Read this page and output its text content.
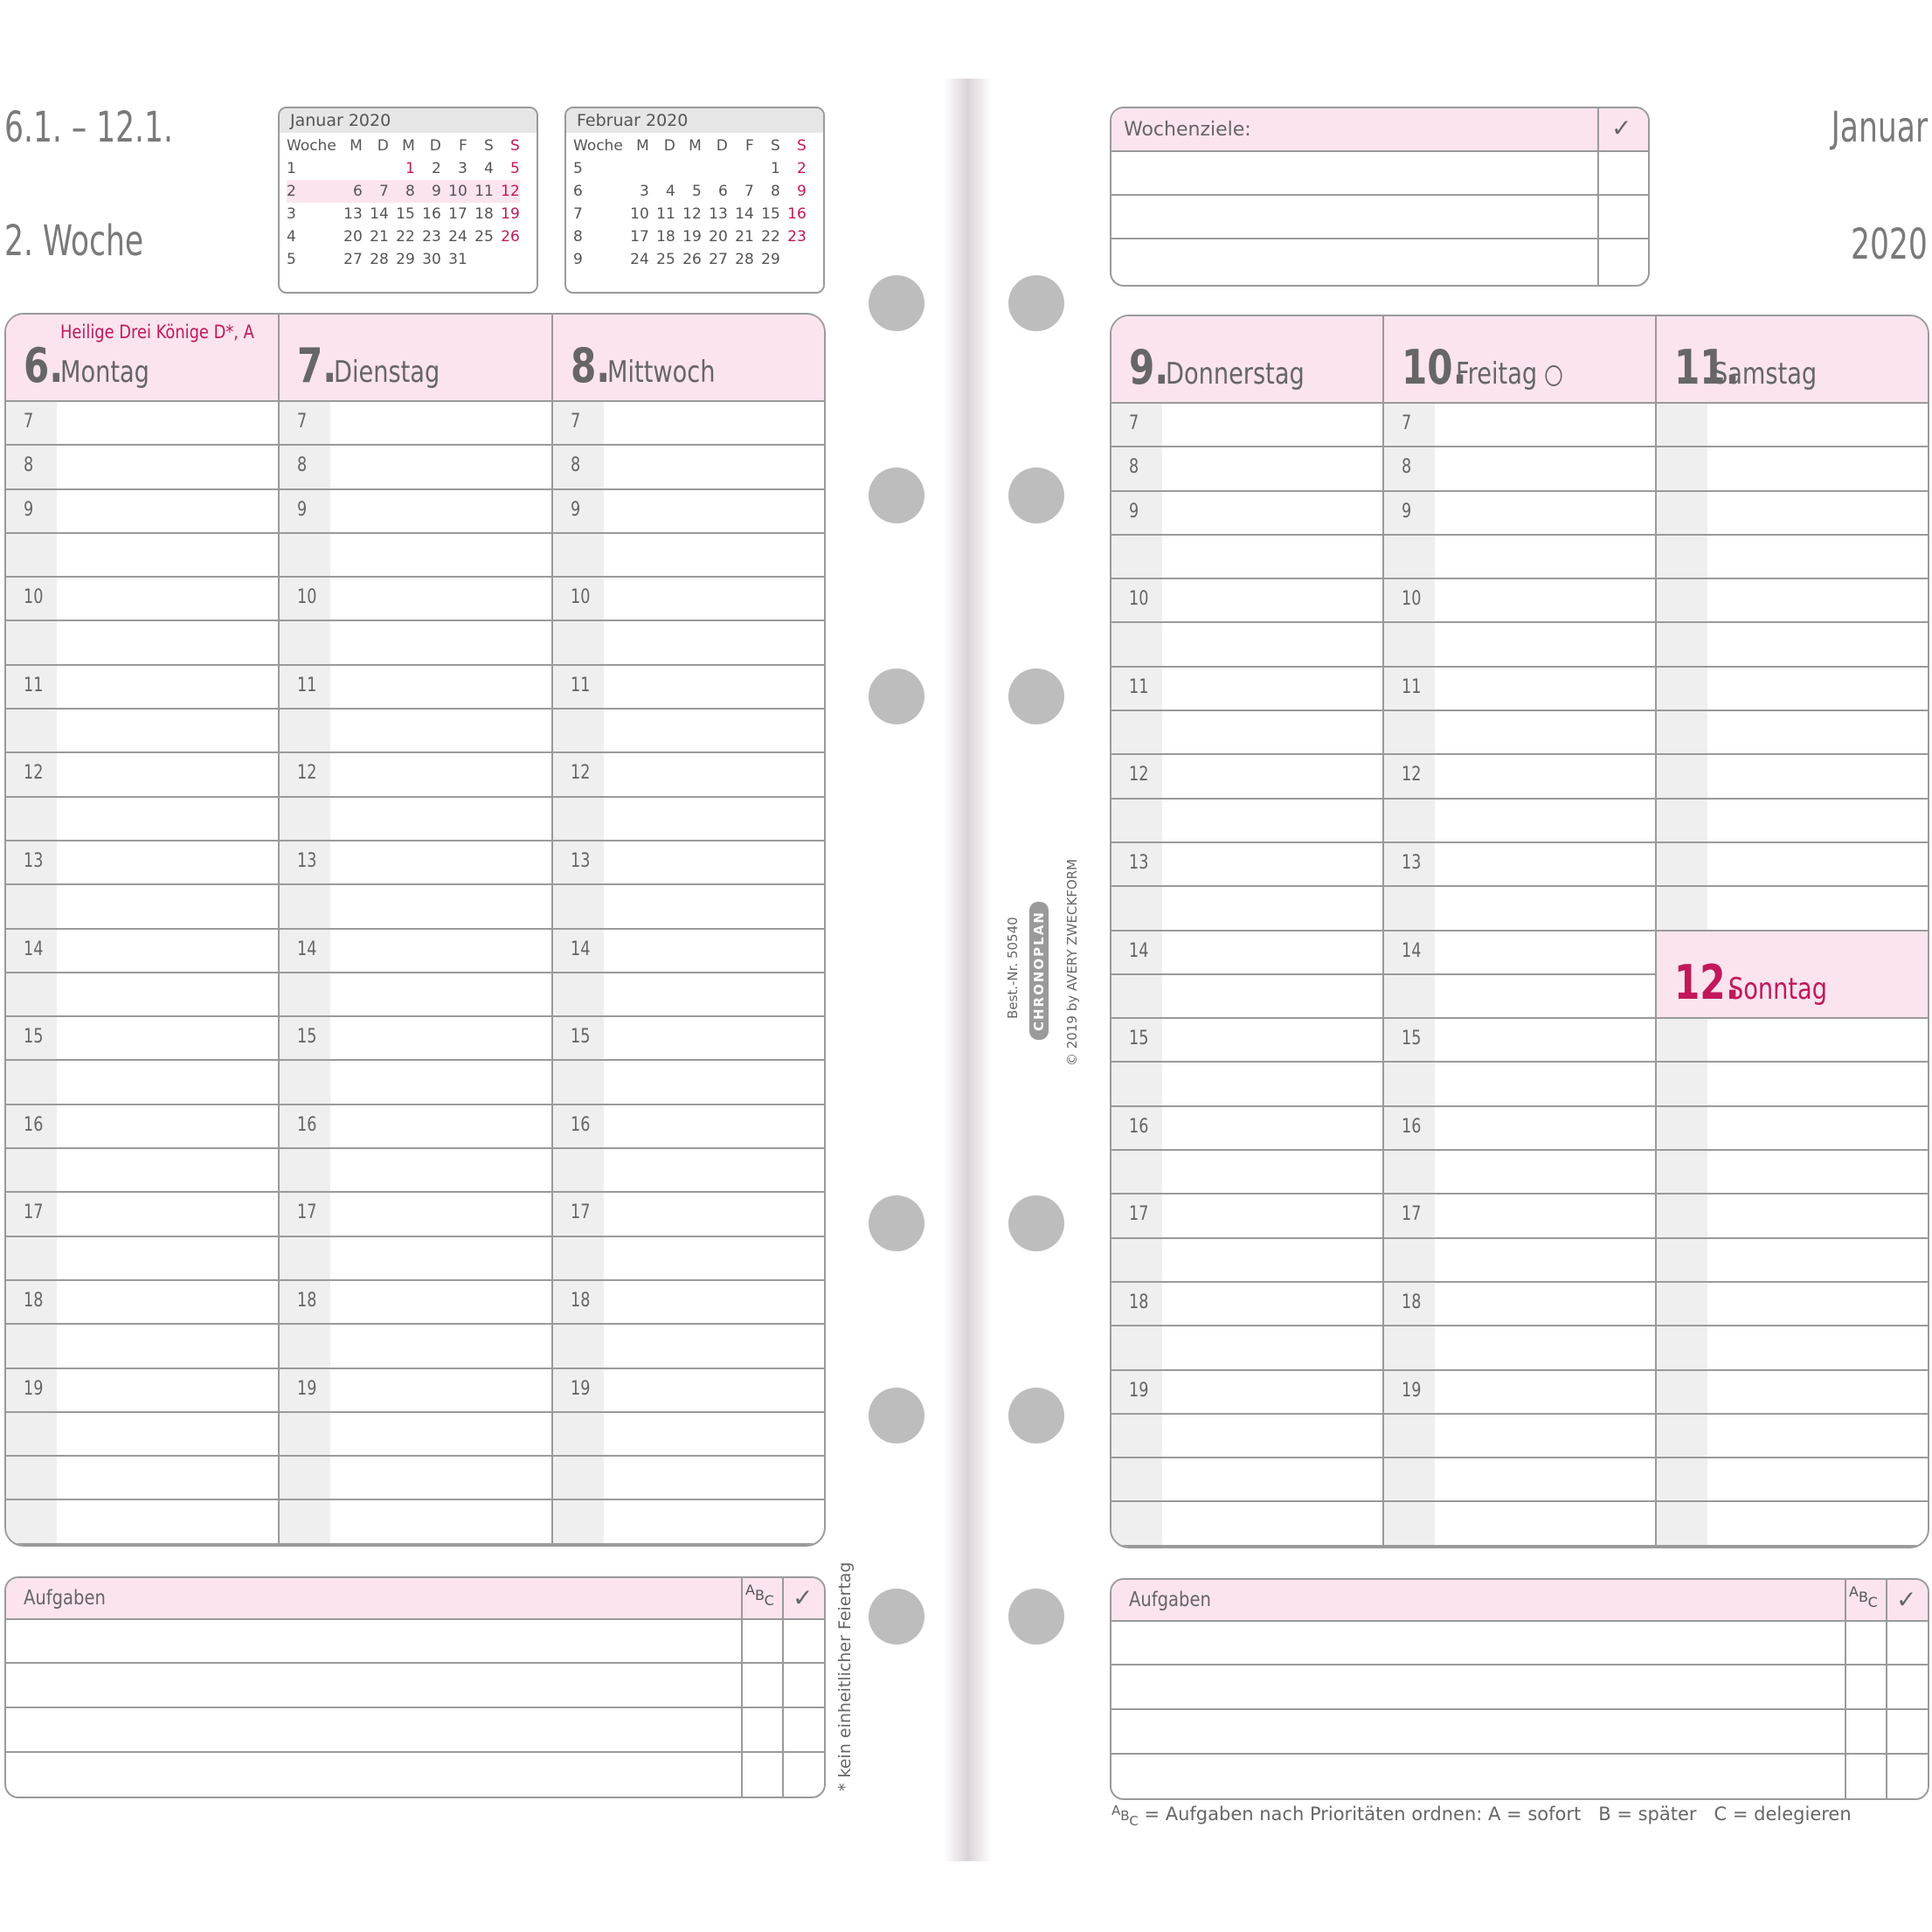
6.1. – 12.1.
2. Woche
Januar 2020
Woche	M	D	M	D	F	S	S
1			1	2	3	4	5
2	6	7	8	9	10	11	12
3	13	14	15	16	17	18	19
4	20	21	22	23	24	25	26
5	27	28	29	30	31		
Februar 2020
Woche	M	D	M	D	F	S	S
5						1	2
6	3	4	5	6	7	8	9
7	10	11	12	13	14	15	16
8	17	18	19	20	21	22	23
9	24	25	26	27	28	29	
Heilige Drei Könige D*, A
6.
Montag
7
8
9
10
11
12
13
14
15
16
17
18
19
7.
Dienstag
7
8
9
10
11
12
13
14
15
16
17
18
19
8.
Mittwoch
7
8
9
10
11
12
13
14
15
16
17
18
19
Aufgaben	ABC ✓ * kein einheitlicher Feiertag
Best.-Nr. 50540 CHRONOPLAN © 2019 by AVERY ZWECKFORM
Januar
2020
Wochenziele:	✓
9.
Donnerstag
7
8
9
10
11
12
13
14
15
16
17
18
19
10.
Freitag
7
8
9
10
11
12
13
14
15
16
17
18
19
11.
Samstag
12.
Sonntag
Aufgaben	ABC ✓
$^AB_C$ = Aufgaben nach Prioritäten ordnen: A = sofort   B = später   C = delegieren
